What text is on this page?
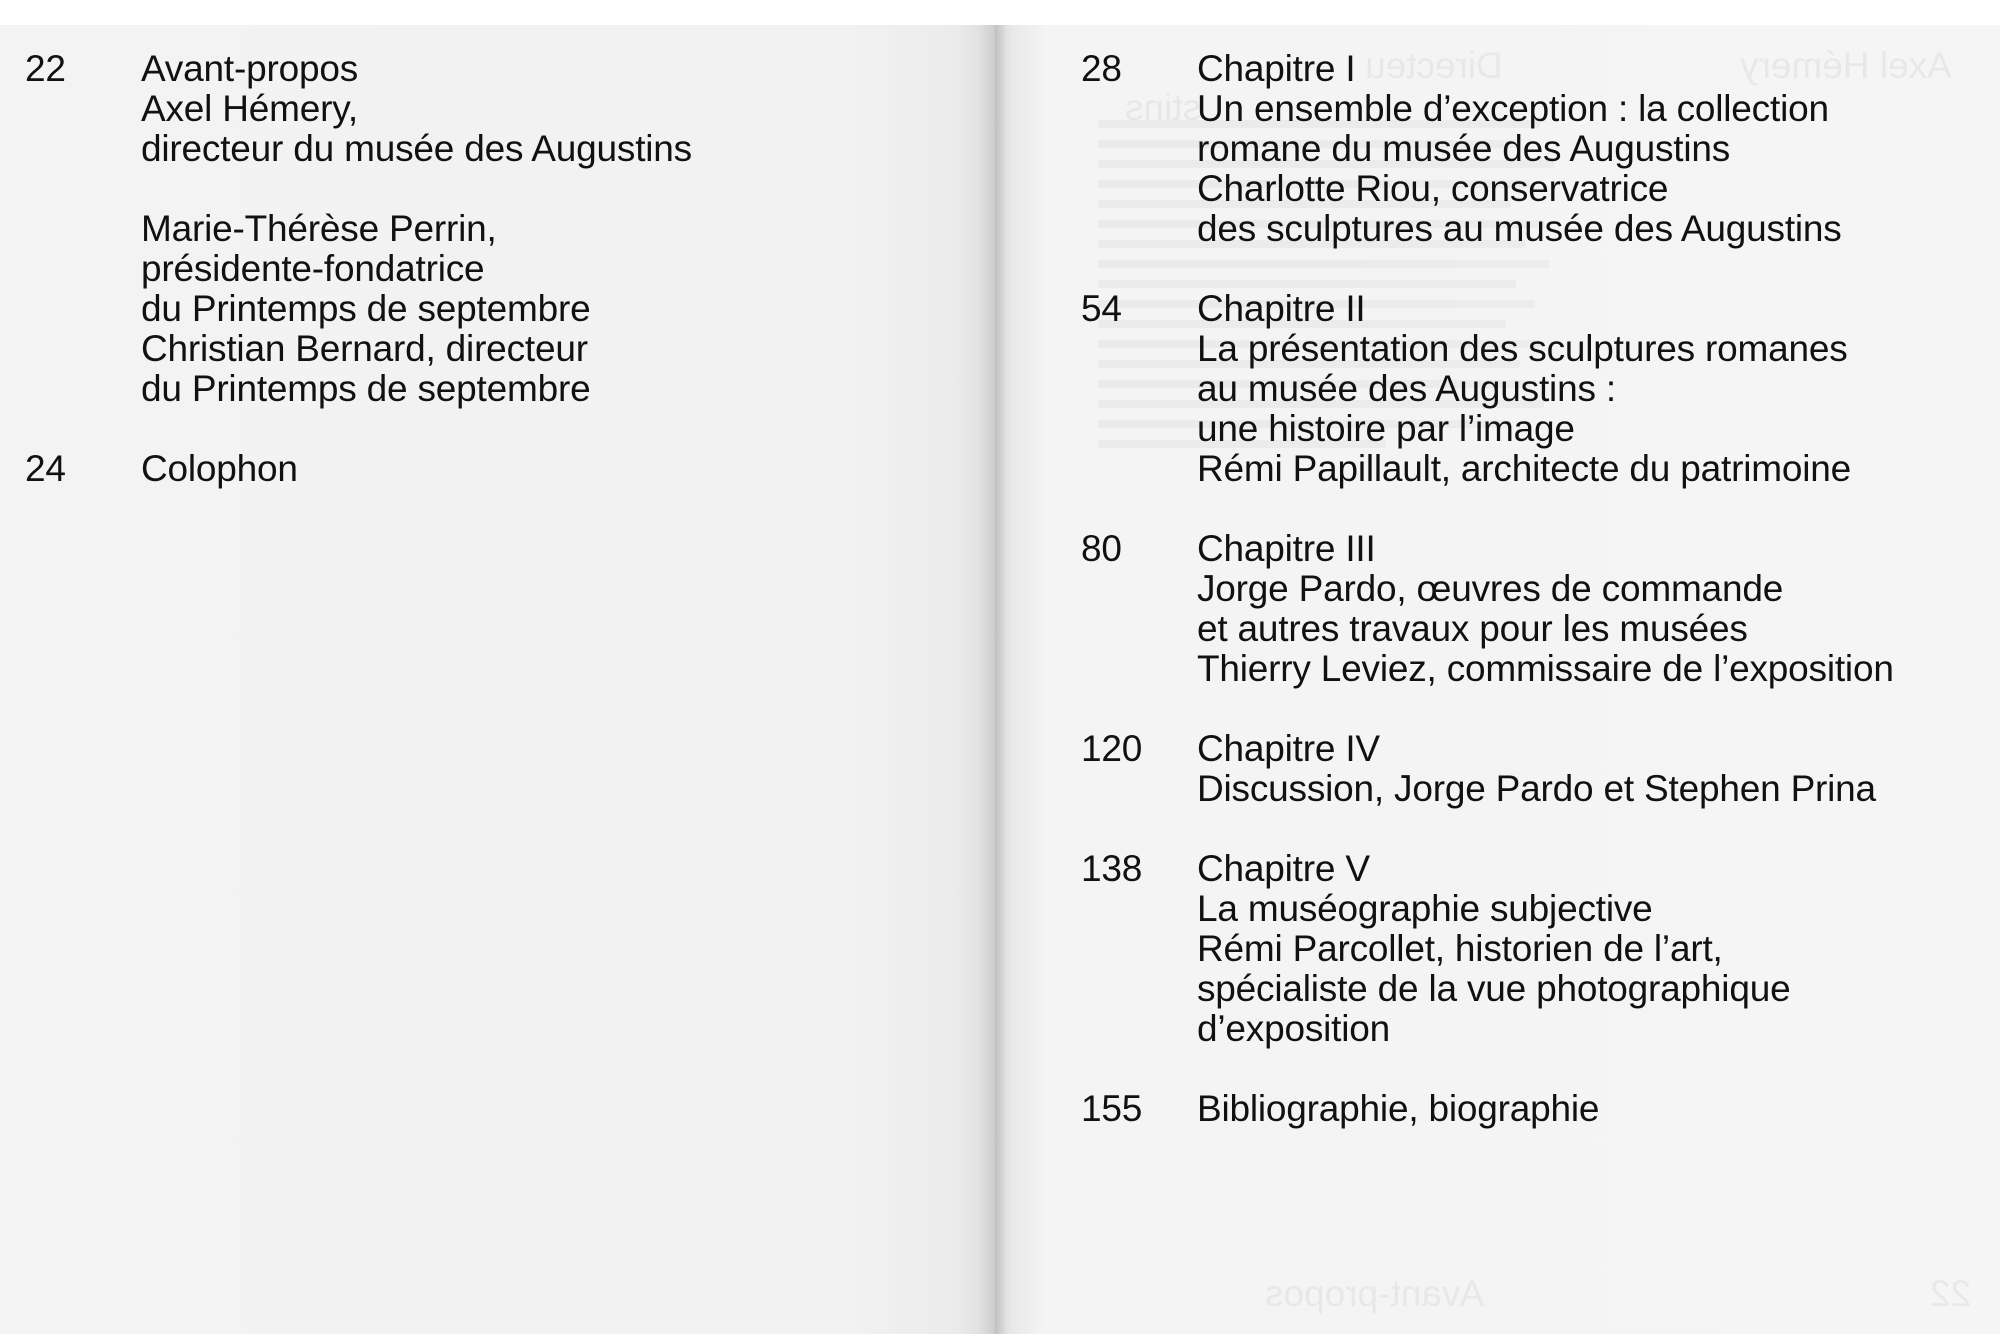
22 Avant-propos
Axel Hémery,
directeur du musée des Augustins
Marie-Thérèse Perrin,
présidente-fondatrice
du Printemps de septembre
Christian Bernard, directeur
du Printemps de septembre
24 Colophon
Axel Hémery
Directeu
stins
22
Avant-propos
28 Chapitre I
Un ensemble d’exception : la collection
romane du musée des Augustins
Charlotte Riou, conservatrice
des sculptures au musée des Augustins
54 Chapitre II
La présentation des sculptures romanes
au musée des Augustins :
une histoire par l’image
Rémi Papillault, architecte du patrimoine
80 Chapitre III
Jorge Pardo, œuvres de commande
et autres travaux pour les musées
Thierry Leviez, commissaire de l’exposition
120 Chapitre IV
Discussion, Jorge Pardo et Stephen Prina
138 Chapitre V
La muséographie subjective
Rémi Parcollet, historien de l’art,
spécialiste de la vue photographique
d’exposition
155 Bibliographie, biographie
